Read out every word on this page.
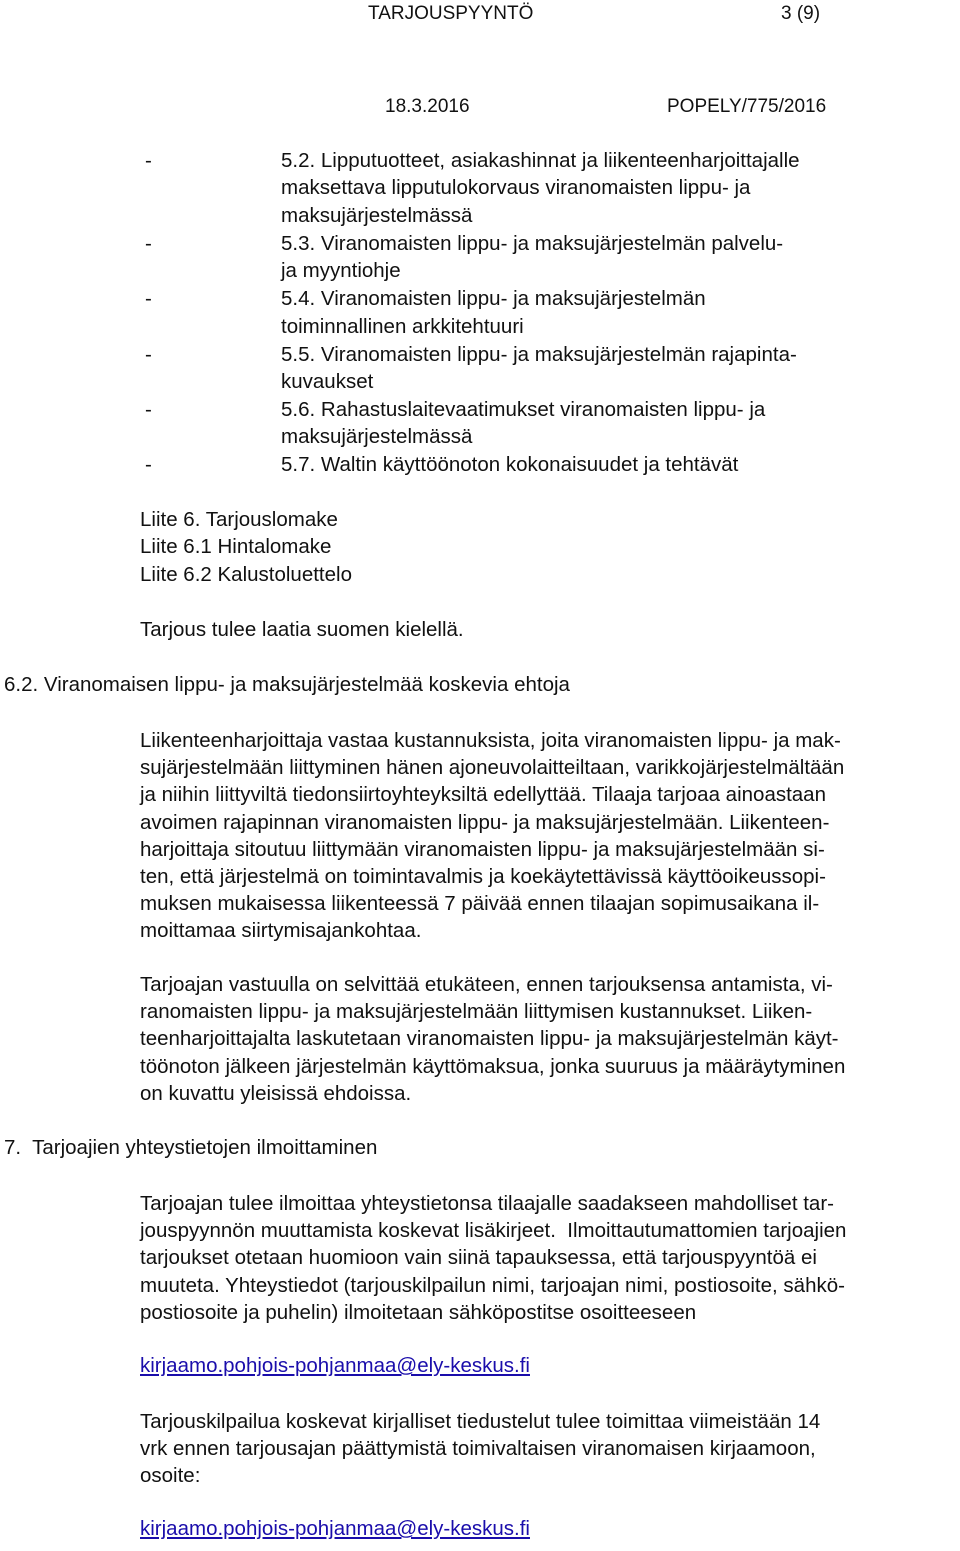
TARJOUSPYYNTÖ	3 (9)
18.3.2016	POPELY/775/2016
-	5.2. Lipputuotteet, asiakashinnat ja liikenteenharjoittajalle
maksettava lipputulokorvaus viranomaisten lippu- ja
maksujärjestelmässä
-	5.3. Viranomaisten lippu- ja maksujärjestelmän palvelu-
ja myyntiohje
-	5.4. Viranomaisten lippu- ja maksujärjestelmän
toiminnallinen arkkitehtuuri
-	5.5. Viranomaisten lippu- ja maksujärjestelmän rajapinta-
kuvaukset
-	5.6. Rahastuslaitevaatimukset viranomaisten lippu- ja
maksujärjestelmässä
-	5.7. Waltin käyttöönoton kokonaisuudet ja tehtävät
Liite 6. Tarjouslomake
Liite 6.1 Hintalomake
Liite 6.2 Kalustoluettelo
Tarjous tulee laatia suomen kielellä.
6.2. Viranomaisen lippu- ja maksujärjestelmää koskevia ehtoja
Liikenteenharjoittaja vastaa kustannuksista, joita viranomaisten lippu- ja mak-
sujärjestelmään liittyminen hänen ajoneuvolaitteiltaan, varikkojärjestelmältään
ja niihin liittyviltä tiedonsiirtoyhteyksiltä edellyttää. Tilaaja tarjoaa ainoastaan
avoimen rajapinnan viranomaisten lippu- ja maksujärjestelmään. Liikenteen-
harjoittaja sitoutuu liittymään viranomaisten lippu- ja maksujärjestelmään si-
ten, että järjestelmä on toimintavalmis ja koekäytettävissä käyttöoikeussopi-
muksen mukaisessa liikenteessä 7 päivää ennen tilaajan sopimusaikana il-
moittamaa siirtymisajankohtaa.
Tarjoajan vastuulla on selvittää etukäteen, ennen tarjouksensa antamista, vi-
ranomaisten lippu- ja maksujärjestelmään liittymisen kustannukset. Liiken-
teenharjoittajalta laskutetaan viranomaisten lippu- ja maksujärjestelmän käyt-
töönoton jälkeen järjestelmän käyttömaksua, jonka suuruus ja määräytyminen
on kuvattu yleisissä ehdoissa.
7.  Tarjoajien yhteystietojen ilmoittaminen
Tarjoajan tulee ilmoittaa yhteystietonsa tilaajalle saadakseen mahdolliset tar-
jouspyynnön muuttamista koskevat lisäkirjeet.  Ilmoittautumattomien tarjoajien
tarjoukset otetaan huomioon vain siinä tapauksessa, että tarjouspyyntöä ei
muuteta. Yhteystiedot (tarjouskilpailun nimi, tarjoajan nimi, postiosoite, sähkö-
postiosoite ja puhelin) ilmoitetaan sähköpostitse osoitteeseen
kirjaamo.pohjois-pohjanmaa@ely-keskus.fi
Tarjouskilpailua koskevat kirjalliset tiedustelut tulee toimittaa viimeistään 14
vrk ennen tarjousajan päättymistä toimivaltaisen viranomaisen kirjaamoon,
osoite:
kirjaamo.pohjois-pohjanmaa@ely-keskus.fi
